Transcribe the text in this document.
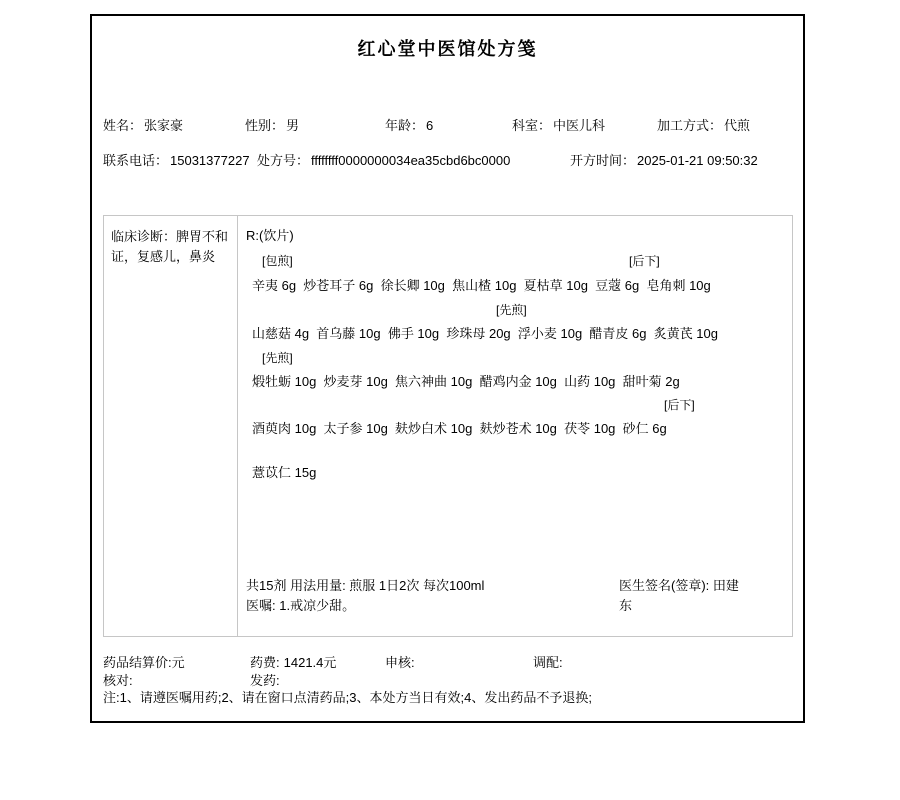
红心堂中医馆处方笺
姓名： 张家豪	性别： 男	年龄： 6	科室： 中医儿科	加工方式： 代煎
联系电话： 15031377227 处方号： ffffffff0000000034ea35cbd6bc0000	开方时间： 2025-01-21 09:50:32
临床诊断：脾胃不和证，复感儿，鼻炎
R:(饮片)
[包煎]	[后下]
辛夷 6g  炒苍耳子 6g  徐长卿 10g  焦山楂 10g  夏枯草 10g  豆蔻 6g  皂角刺 10g
[先煎]
山慈菇 4g  首乌藤 10g  佛手 10g  珍珠母 20g  浮小麦 10g  醋青皮 6g  炙黄芪 10g
[先煎]
煅牡蛎 10g  炒麦芽 10g  焦六神曲 10g  醋鸡内金 10g  山药 10g  甜叶菊 2g
[后下]
酒萸肉 10g  太子参 10g  麸炒白术 10g  麸炒苍术 10g  茯苓 10g  砂仁 6g
薏苡仁 15g
共15剂 用法用量: 煎服 1日2次 每次100ml
医嘱: 1.戒凉少甜。
医生签名(签章): 田建东
药品结算价:元	药费: 1421.4元	申核:	调配:
核对:	发药:
注:1、请遵医嘱用药;2、请在窗口点清药品;3、本处方当日有效;4、发出药品不予退换;
